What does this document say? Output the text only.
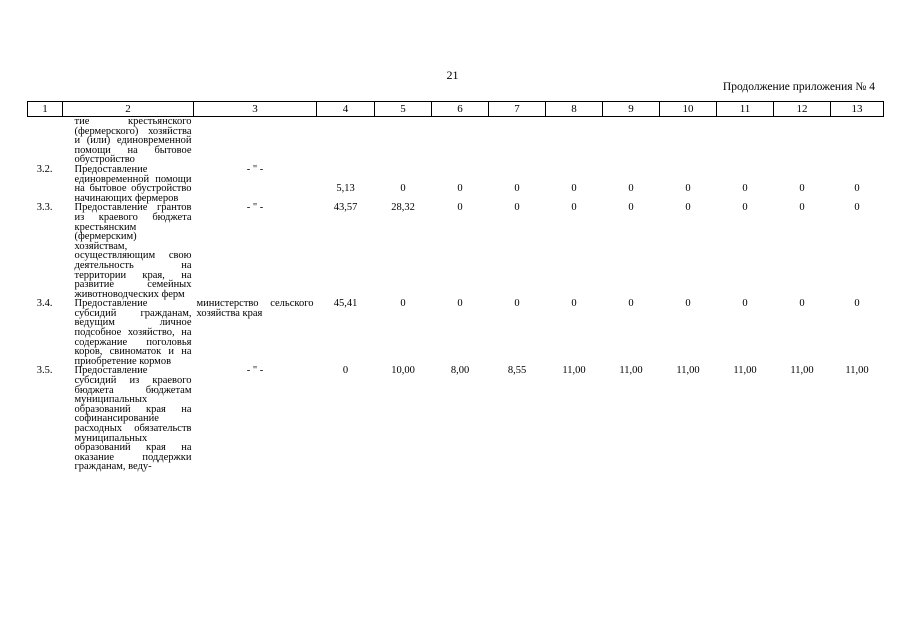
21
Продолжение приложения № 4
1	2	3	4	5	6	7	8	9	10	11	12	13
	тие крестьянского (фермерского) хозяйства и (или) единовременной помощи на бытовое обустройство											
3.2.	Предоставление единовременной помощи на бытовое обустройство начинающих фермеров	- " -	5,13	0	0	0	0	0	0	0	0	0
3.3.	Предоставление грантов из краевого бюджета крестьянским (фермерским) хозяйствам, осуществляющим свою деятельность на территории края, на развитие семейных животноводческих ферм	- " -	43,57	28,32	0	0	0	0	0	0	0	0
3.4.	Предоставление субсидий гражданам, ведущим личное подсобное хозяйство, на содержание поголовья коров, свиноматок и на приобретение кормов	министерство сельского хозяйства края	45,41	0	0	0	0	0	0	0	0	0
3.5.	Предоставление субсидий из краевого бюджета бюджетам муниципальных образований края на софинансирование расходных обязательств муниципальных образований края на оказание поддержки гражданам, веду-	- " -	0	10,00	8,00	8,55	11,00	11,00	11,00	11,00	11,00	11,00
